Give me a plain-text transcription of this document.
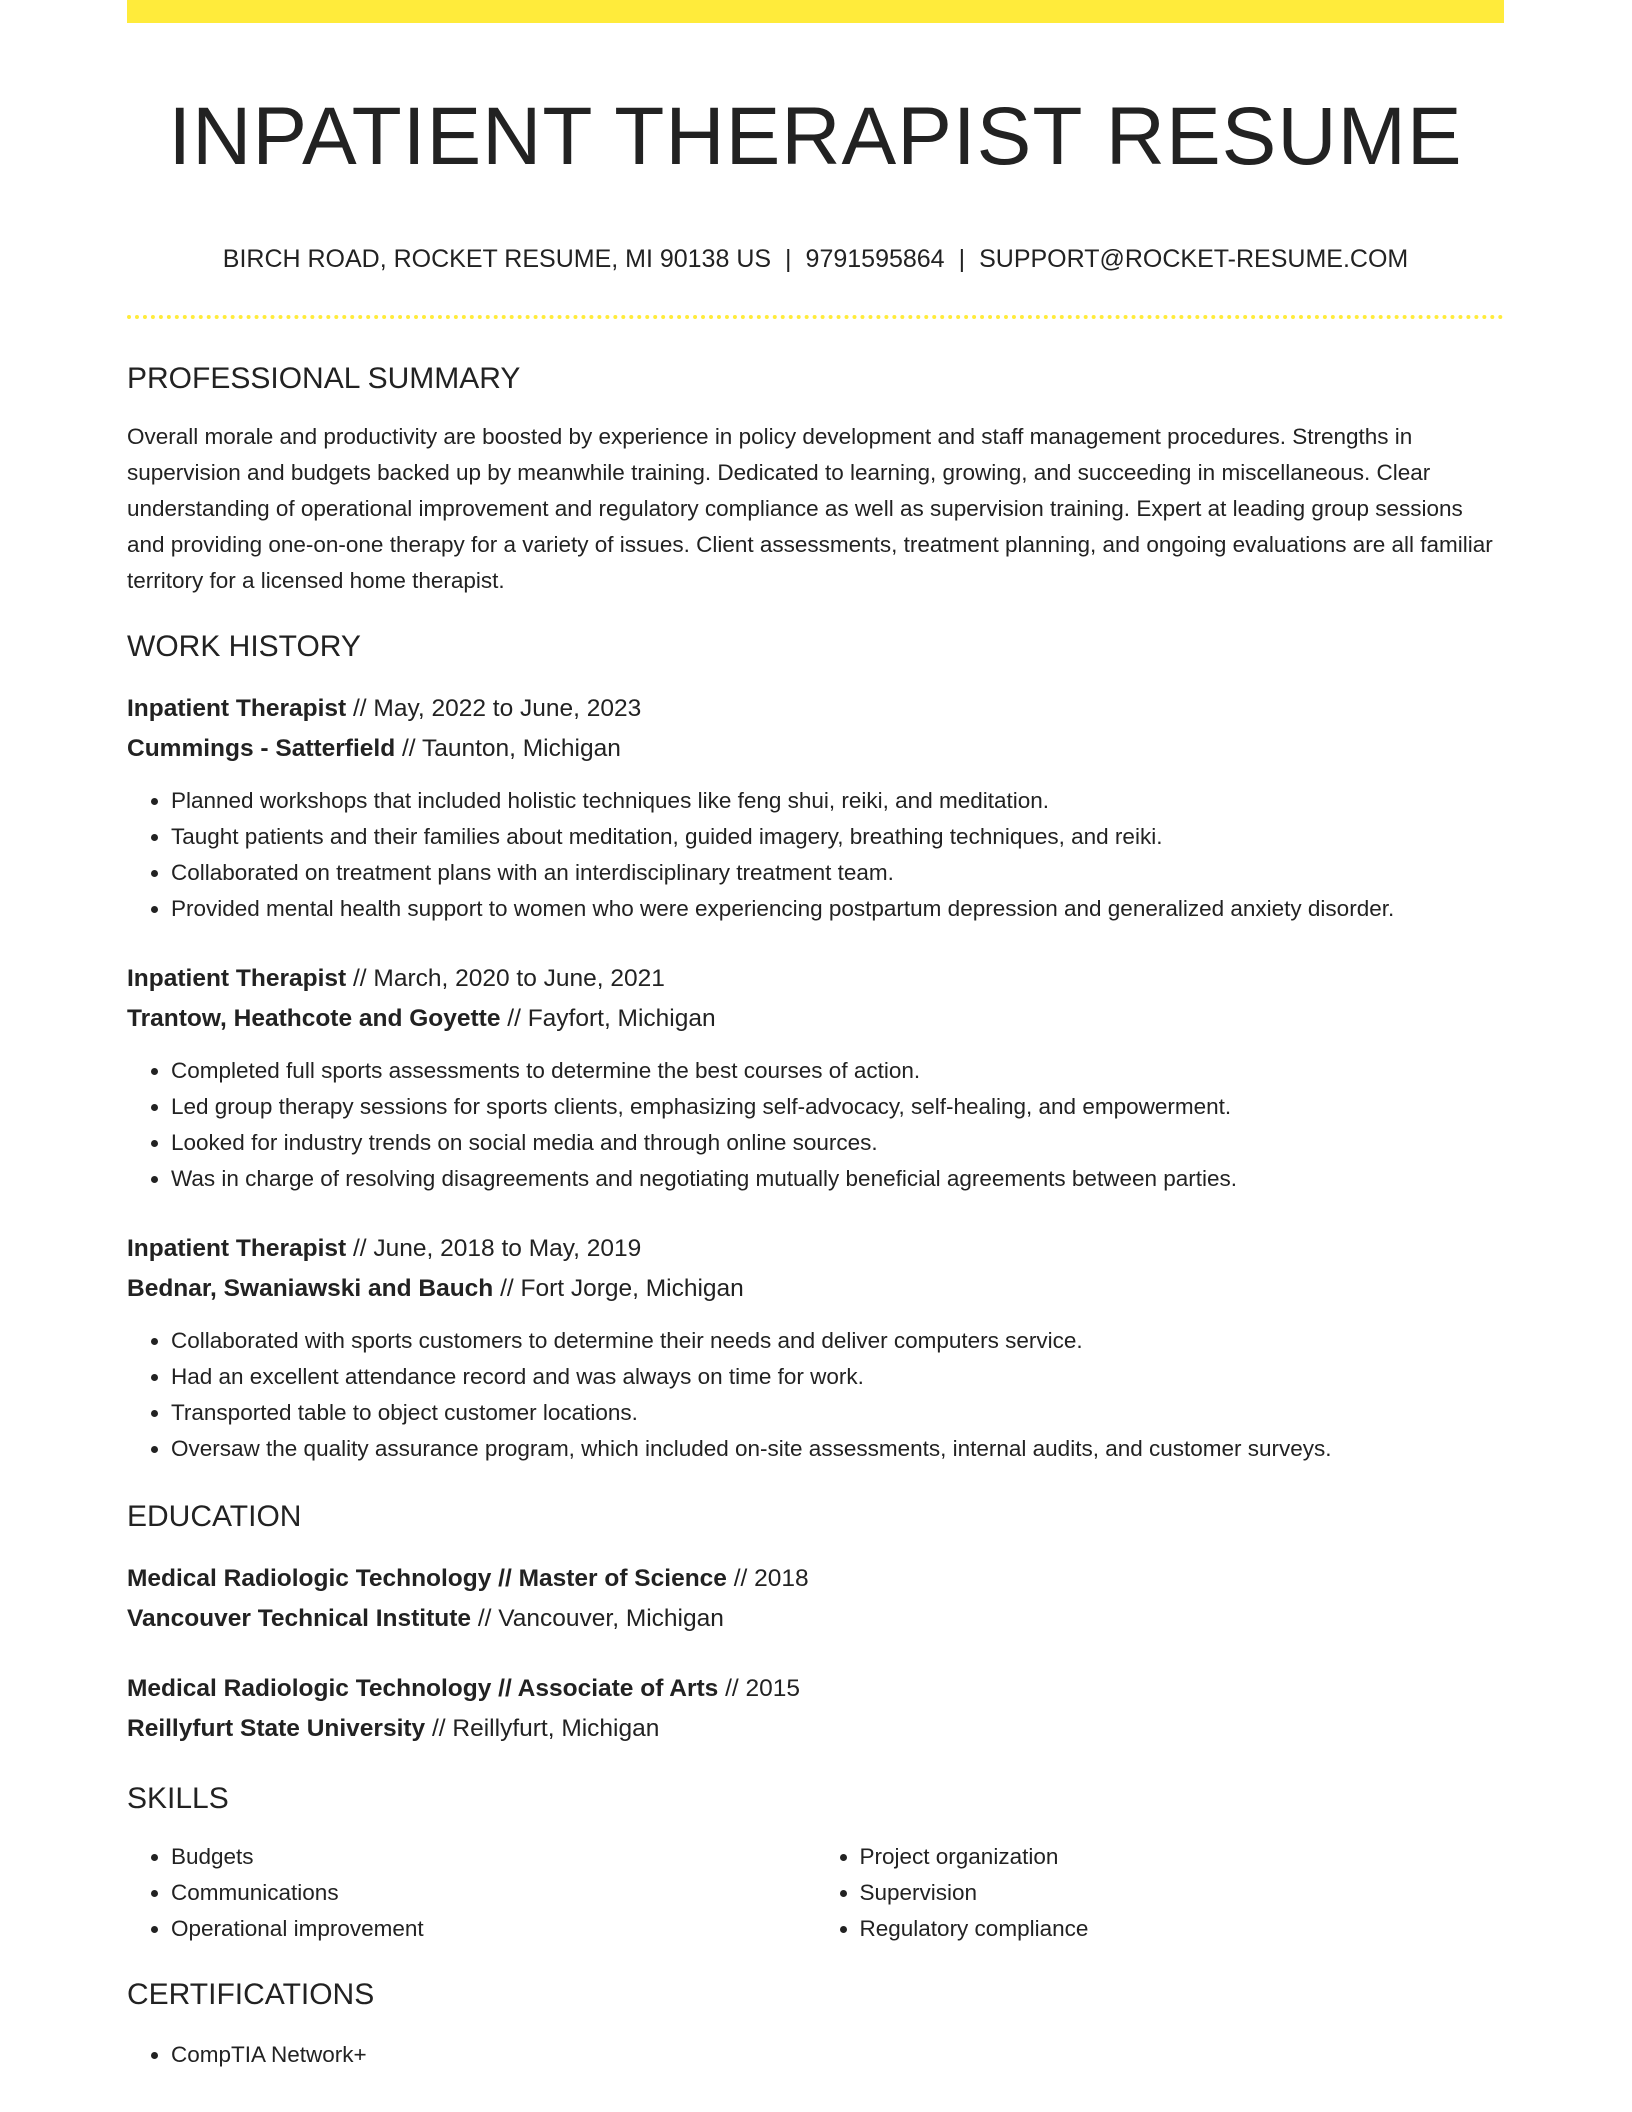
INPATIENT THERAPIST RESUME
BIRCH ROAD, ROCKET RESUME, MI 90138 US | 9791595864 | SUPPORT@ROCKET-RESUME.COM
PROFESSIONAL SUMMARY
Overall morale and productivity are boosted by experience in policy development and staff management procedures. Strengths in supervision and budgets backed up by meanwhile training. Dedicated to learning, growing, and succeeding in miscellaneous. Clear understanding of operational improvement and regulatory compliance as well as supervision training. Expert at leading group sessions and providing one-on-one therapy for a variety of issues. Client assessments, treatment planning, and ongoing evaluations are all familiar territory for a licensed home therapist.
WORK HISTORY
Inpatient Therapist // May, 2022 to June, 2023
Cummings - Satterfield // Taunton, Michigan
• Planned workshops that included holistic techniques like feng shui, reiki, and meditation.
• Taught patients and their families about meditation, guided imagery, breathing techniques, and reiki.
• Collaborated on treatment plans with an interdisciplinary treatment team.
• Provided mental health support to women who were experiencing postpartum depression and generalized anxiety disorder.
Inpatient Therapist // March, 2020 to June, 2021
Trantow, Heathcote and Goyette // Fayfort, Michigan
• Completed full sports assessments to determine the best courses of action.
• Led group therapy sessions for sports clients, emphasizing self-advocacy, self-healing, and empowerment.
• Looked for industry trends on social media and through online sources.
• Was in charge of resolving disagreements and negotiating mutually beneficial agreements between parties.
Inpatient Therapist // June, 2018 to May, 2019
Bednar, Swaniawski and Bauch // Fort Jorge, Michigan
• Collaborated with sports customers to determine their needs and deliver computers service.
• Had an excellent attendance record and was always on time for work.
• Transported table to object customer locations.
• Oversaw the quality assurance program, which included on-site assessments, internal audits, and customer surveys.
EDUCATION
Medical Radiologic Technology // Master of Science // 2018
Vancouver Technical Institute // Vancouver, Michigan
Medical Radiologic Technology // Associate of Arts // 2015
Reillyfurt State University // Reillyfurt, Michigan
SKILLS
• Budgets
• Communications
• Operational improvement
• Project organization
• Supervision
• Regulatory compliance
CERTIFICATIONS
• CompTIA Network+
